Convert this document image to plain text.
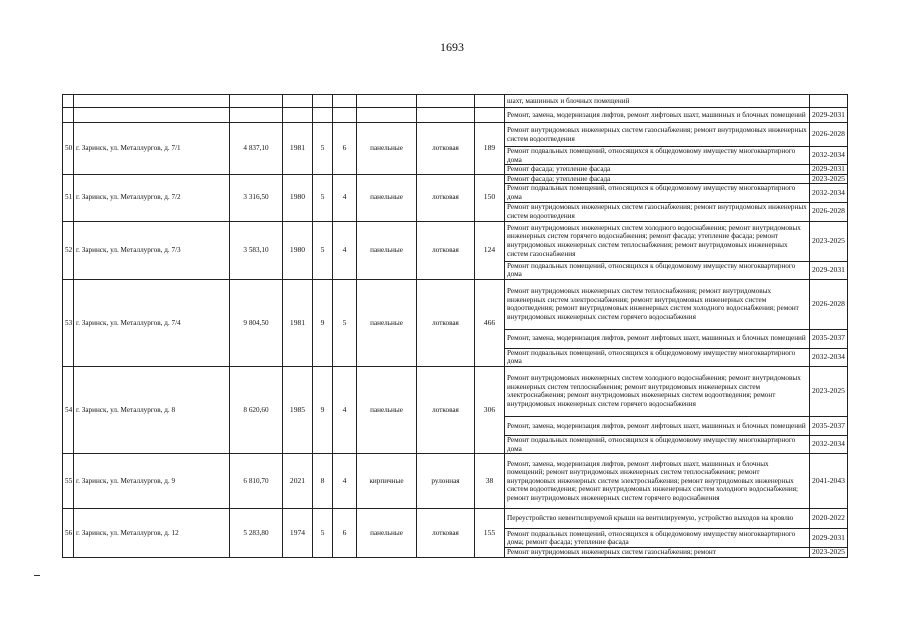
1693
									шахт, машинных и блочных помещений	
									Ремонт, замена, модернизация лифтов, ремонт лифтовых шахт, машинных и блочных помещений	2029-2031
50	г. Заринск, ул. Металлургов, д. 7/1	4 837,10	1981	5	6	панельные	лотковая	189	Ремонт внутридомовых инженерных систем газоснабжения; ремонт внутридомовых инженерных систем водоотведения	2026-2028
									Ремонт подвальных помещений, относящихся к общедомовому имуществу многоквартирного дома	2032-2034
									Ремонт фасада; утепление фасада	2029-2031
51	г. Заринск, ул. Металлургов, д. 7/2	3 316,50	1980	5	4	панельные	лотковая	150	Ремонт фасада; утепление фасада	2023-2025
									Ремонт подвальных помещений, относящихся к общедомовому имуществу многоквартирного дома	2032-2034
									Ремонт внутридомовых инженерных систем газоснабжения; ремонт внутридомовых инженерных систем водоотведения	2026-2028
52	г. Заринск, ул. Металлургов, д. 7/3	3 583,10	1980	5	4	панельные	лотковая	124	Ремонт внутридомовых инженерных систем холодного водоснабжения; ремонт внутридомовых инженерных систем горячего водоснабжения; ремонт фасада; утепление фасада; ремонт внутридомовых инженерных систем теплоснабжения; ремонт внутридомовых инженерных систем газоснабжения	2023-2025
									Ремонт подвальных помещений, относящихся к общедомовому имуществу многоквартирного дома	2029-2031
53	г. Заринск, ул. Металлургов, д. 7/4	9 804,50	1981	9	5	панельные	лотковая	466	Ремонт внутридомовых инженерных систем теплоснабжения; ремонт внутридомовых инженерных систем электроснабжения; ремонт внутридомовых инженерных систем водоотведения; ремонт внутридомовых инженерных систем холодного водоснабжения; ремонт внутридомовых инженерных систем горячего водоснабжения	2026-2028
									Ремонт, замена, модернизация лифтов, ремонт лифтовых шахт, машинных и блочных помещений	2035-2037
									Ремонт подвальных помещений, относящихся к общедомовому имуществу многоквартирного дома	2032-2034
54	г. Заринск, ул. Металлургов, д. 8	8 620,60	1985	9	4	панельные	лотковая	306	Ремонт внутридомовых инженерных систем холодного водоснабжения; ремонт внутридомовых инженерных систем теплоснабжения; ремонт внутридомовых инженерных систем электроснабжения; ремонт внутридомовых инженерных систем водоотведения; ремонт внутридомовых инженерных систем горячего водоснабжения	2023-2025
									Ремонт, замена, модернизация лифтов, ремонт лифтовых шахт, машинных и блочных помещений	2035-2037
									Ремонт подвальных помещений, относящихся к общедомовому имуществу многоквартирного дома	2032-2034
55	г. Заринск, ул. Металлургов, д. 9	6 810,70	2021	8	4	кирпичные	рулонная	38	Ремонт, замена, модернизация лифтов, ремонт лифтовых шахт, машинных и блочных помещений; ремонт внутридомовых инженерных систем теплоснабжения; ремонт внутридомовых инженерных систем электроснабжения; ремонт внутридомовых инженерных систем водоотведения; ремонт внутридомовых инженерных систем холодного водоснабжения; ремонт внутридомовых инженерных систем горячего водоснабжения	2041-2043
56	г. Заринск, ул. Металлургов, д. 12	5 283,80	1974	5	6	панельные	лотковая	155	Переустройство невентилируемой крыши на вентилируемую, устройство выходов на кровлю	2020-2022
									Ремонт подвальных помещений, относящихся к общедомовому имуществу многоквартирного дома; ремонт фасада; утепление фасада	2029-2031
									Ремонт внутридомовых инженерных систем газоснабжения; ремонт	2023-2025
